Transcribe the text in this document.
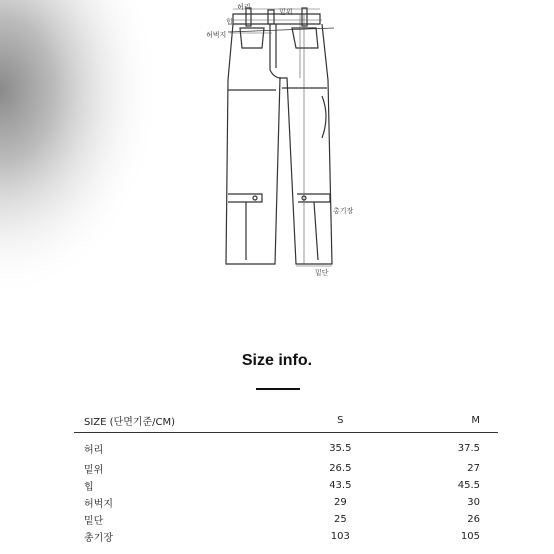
허리
밑위
힙
허벅지
총기장
밑단
Size info.
SIZE (단면기준/CM)	S	M
허리	35.5	37.5
밑위	26.5	27
힙	43.5	45.5
허벅지	29	30
밑단	25	26
총기장	103	105
